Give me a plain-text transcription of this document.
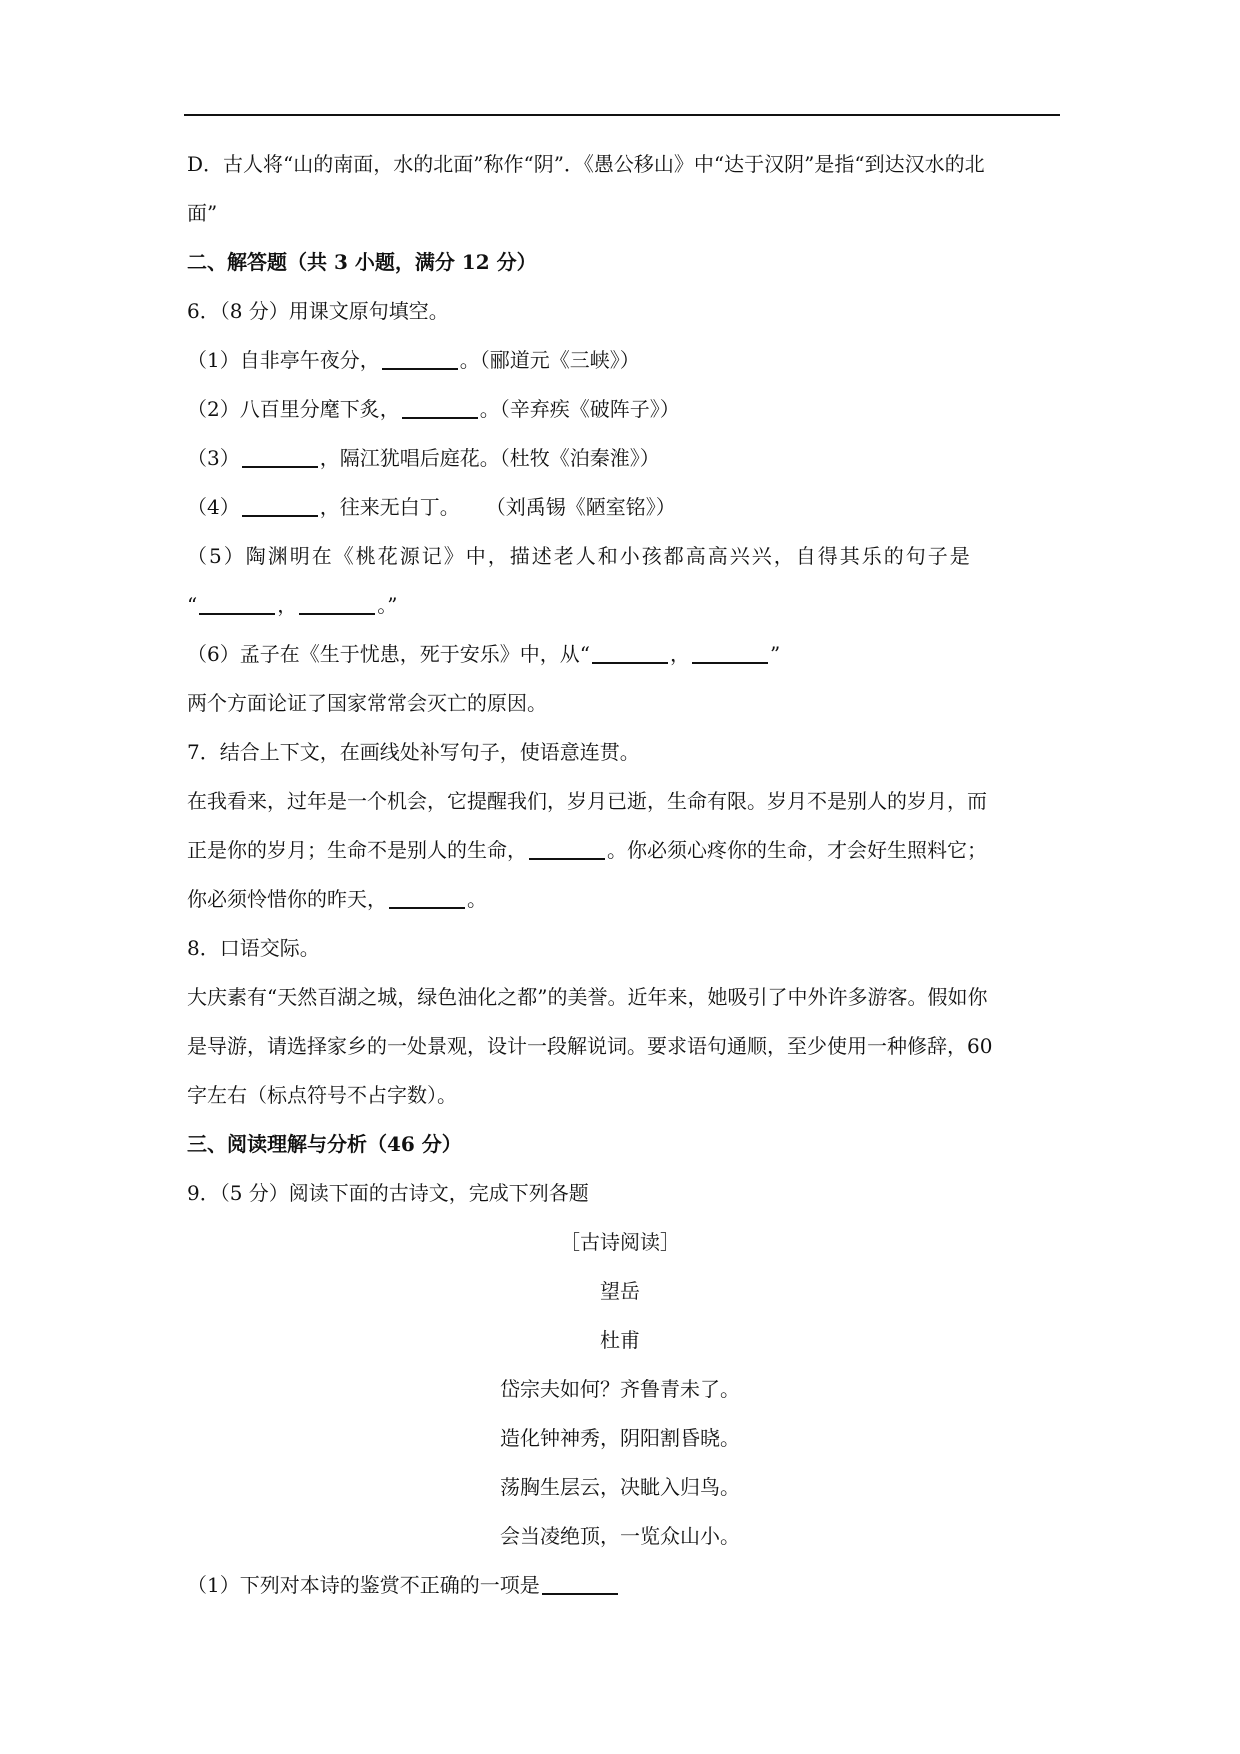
D．古人将“山的南面，水的北面”称作“阴”．《愚公移山》中“达于汉阴”是指“到达汉水的北

面”

二、解答题（共 3 小题，满分 12 分）

6．（8 分）用课文原句填空。

（1）自非亭午夜分，	。（郦道元《三峡》）

（2）八百里分麾下炙，	。（辛弃疾《破阵子》）

（3）	，隔江犹唱后庭花。（杜牧《泊秦淮》）

（4）	，往来无白丁。 （刘禹锡《陋室铭》）

（5）陶渊明在《桃花源记》中，描述老人和小孩都高高兴兴，自得其乐的句子是

“	，	。”

（6）孟子在《生于忧患，死于安乐》中，从“	，	”

两个方面论证了国家常常会灭亡的原因。

7．结合上下文，在画线处补写句子，使语意连贯。

在我看来，过年是一个机会，它提醒我们，岁月已逝，生命有限。岁月不是别人的岁月，而

正是你的岁月；生命不是别人的生命，	。你必须心疼你的生命，才会好生照料它；

你必须怜惜你的昨天，	。

8．口语交际。

大庆素有“天然百湖之城，绿色油化之都”的美誉。近年来，她吸引了中外许多游客。假如你

是导游，请选择家乡的一处景观，设计一段解说词。要求语句通顺，至少使用一种修辞，60

字左右（标点符号不占字数）。

三、阅读理解与分析（46 分）

9．（5 分）阅读下面的古诗文，完成下列各题

［古诗阅读］

望岳

杜甫

岱宗夫如何？齐鲁青未了。

造化钟神秀，阴阳割昏晓。

荡胸生层云，决眦入归鸟。

会当凌绝顶，一览众山小。

（1）下列对本诗的鉴赏不正确的一项是
